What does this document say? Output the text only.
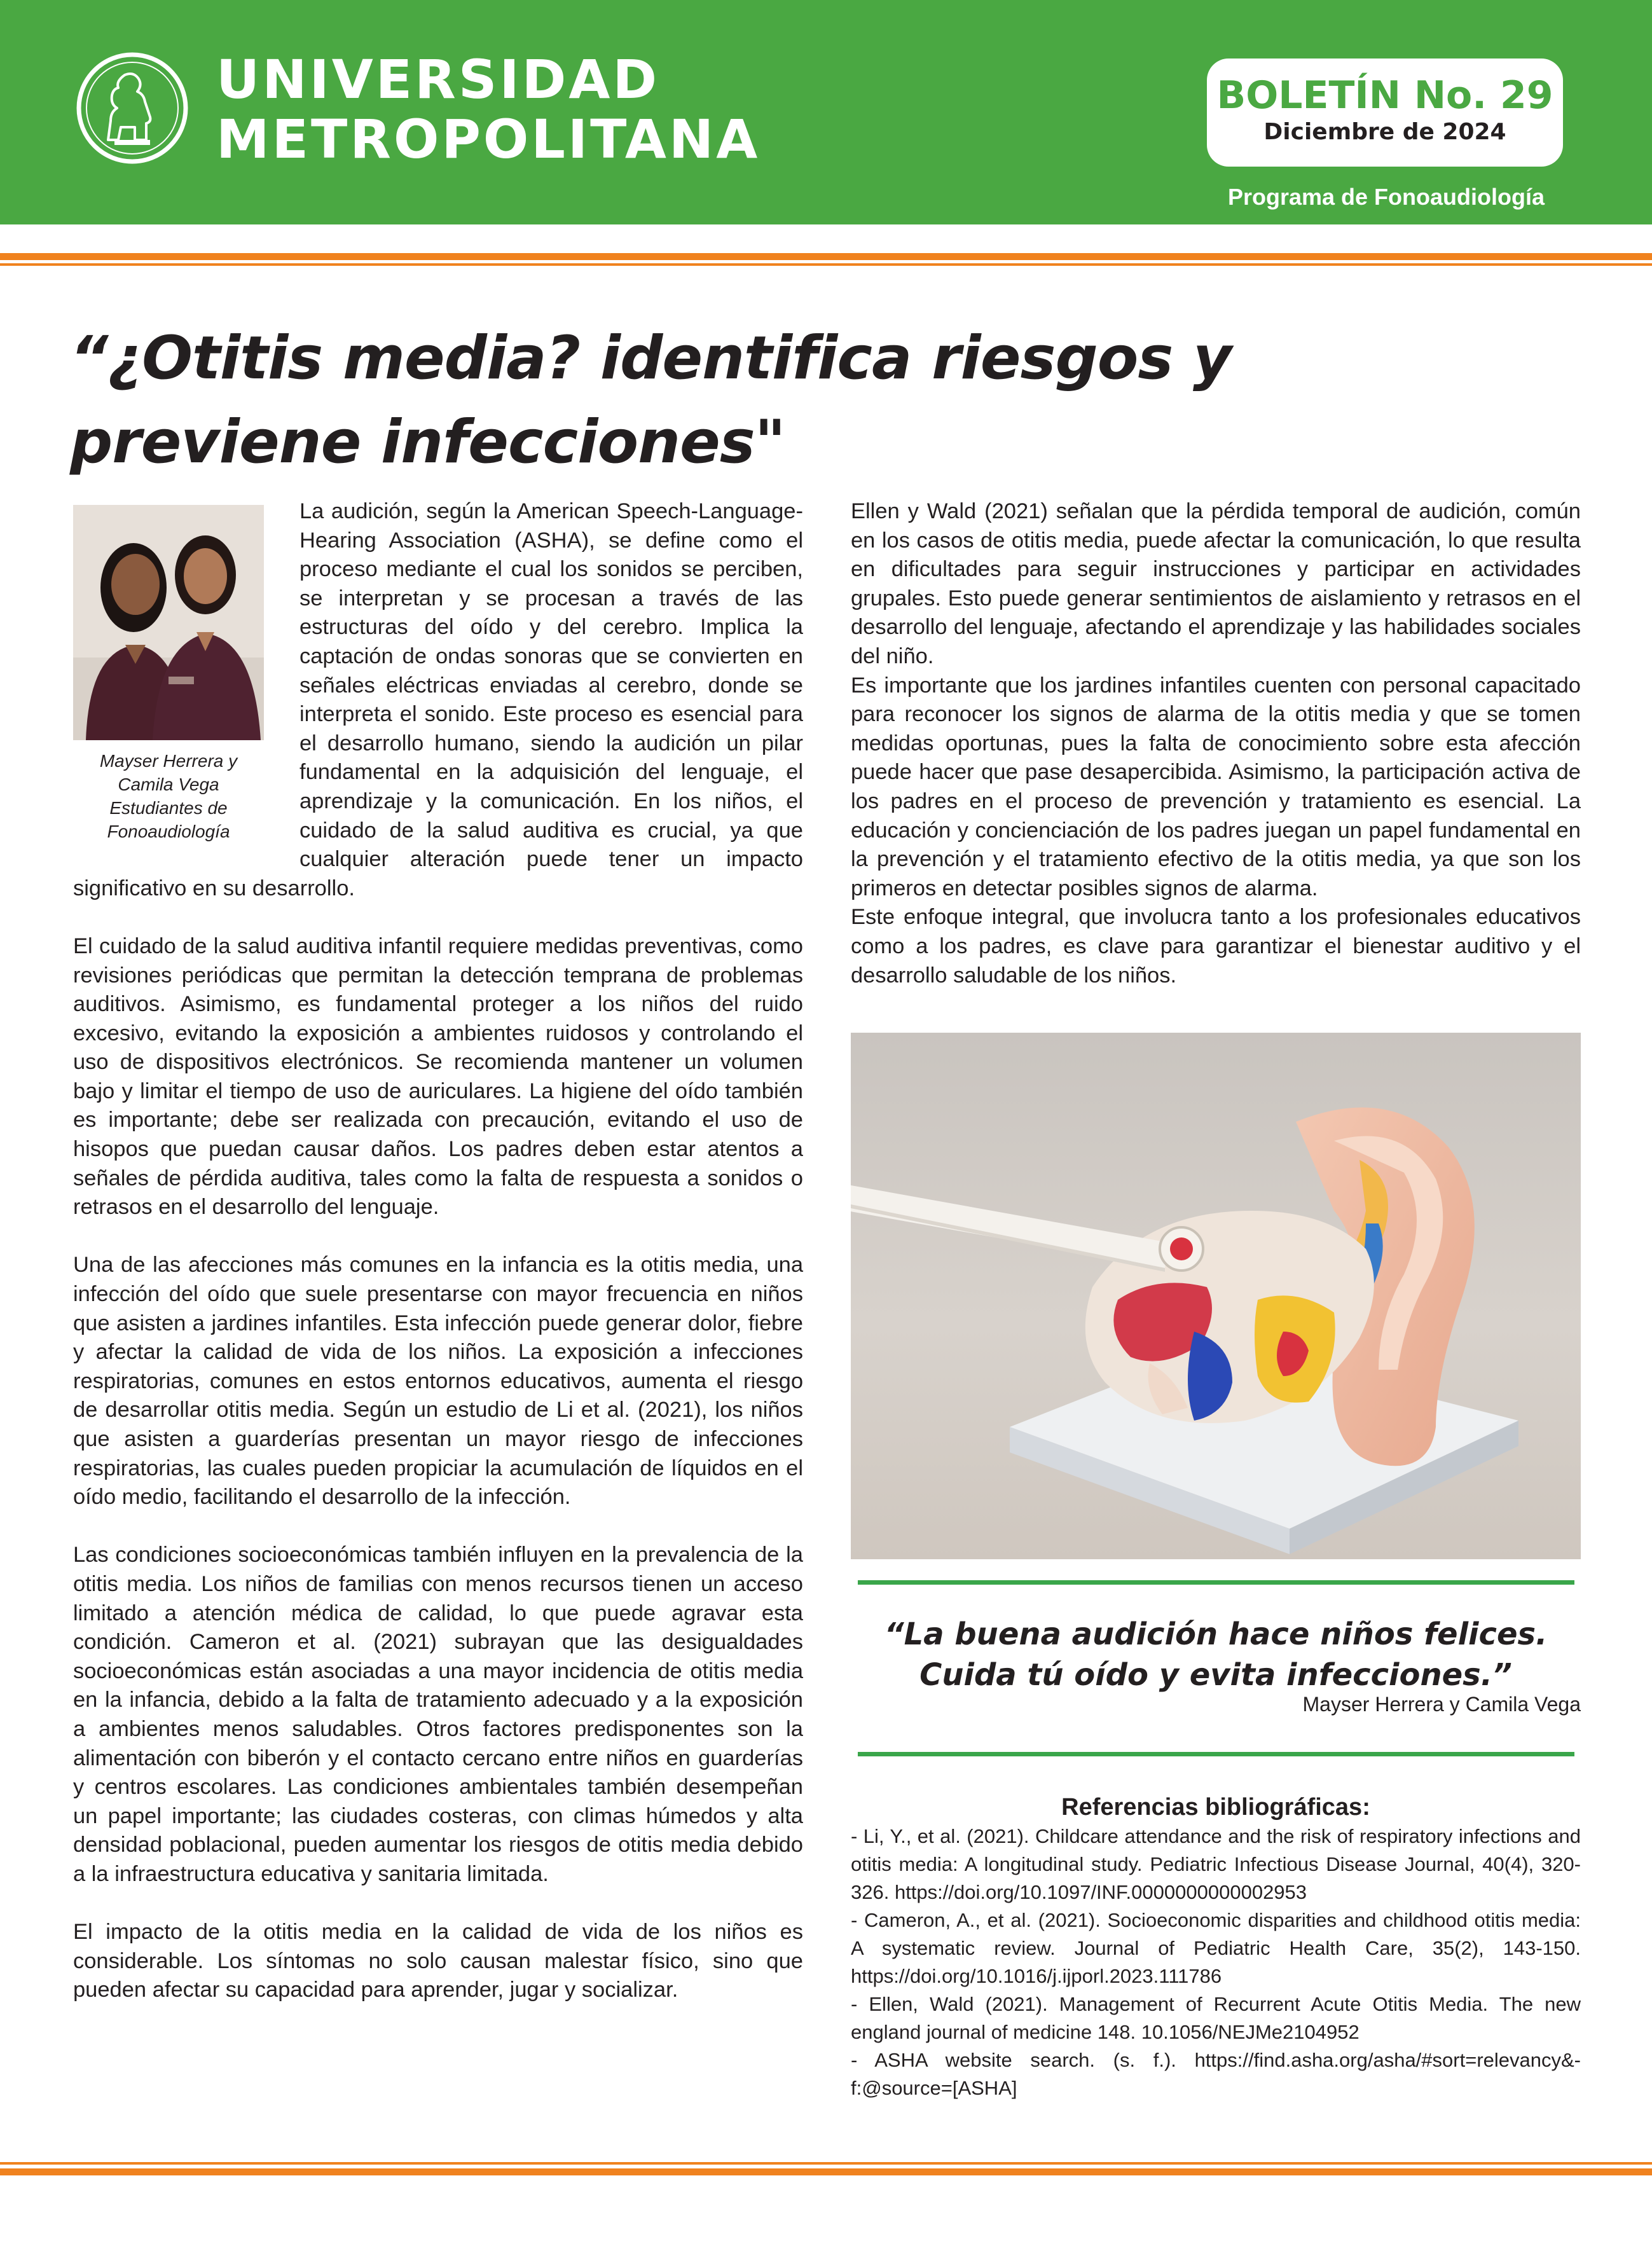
UNIVERSIDAD
METROPOLITANA
BOLETÍN No. 29
Diciembre de 2024
Programa de Fonoaudiología
“¿Otitis media? identifica riesgos y
previene infecciones"
Mayser Herrera y
Camila Vega
Estudiantes de
Fonoaudiología

La audición, según la American Speech-Language-Hearing Association (ASHA), se define como el proceso mediante el cual los sonidos se perciben, se interpretan y se procesan a través de las estructuras del oído y del cerebro. Implica la captación de ondas sonoras que se convierten en señales eléctricas enviadas al cerebro, donde se interpreta el sonido. Este proceso es esencial para el desarrollo humano, siendo la audición un pilar fundamental en la adquisición del lenguaje, el aprendizaje y la comunicación. En los niños, el cuidado de la salud auditiva es crucial, ya que cualquier alteración puede tener un impacto significativo en su desarrollo.

El cuidado de la salud auditiva infantil requiere medidas preventivas, como revisiones periódicas que permitan la detección temprana de problemas auditivos. Asimismo, es fundamental proteger a los niños del ruido excesivo, evitando la exposición a ambientes ruidosos y controlando el uso de dispositivos electrónicos. Se recomienda mantener un volumen bajo y limitar el tiempo de uso de auriculares. La higiene del oído también es importante; debe ser realizada con precaución, evitando el uso de hisopos que puedan causar daños. Los padres deben estar atentos a señales de pérdida auditiva, tales como la falta de respuesta a sonidos o retrasos en el desarrollo del lenguaje.

Una de las afecciones más comunes en la infancia es la otitis media, una infección del oído que suele presentarse con mayor frecuencia en niños que asisten a jardines infantiles. Esta infección puede generar dolor, fiebre y afectar la calidad de vida de los niños. La exposición a infecciones respiratorias, comunes en estos entornos educativos, aumenta el riesgo de desarrollar otitis media. Según un estudio de Li et al. (2021), los niños que asisten a guarderías presentan un mayor riesgo de infecciones respiratorias, las cuales pueden propiciar la acumulación de líquidos en el oído medio, facilitando el desarrollo de la infección.

Las condiciones socioeconómicas también influyen en la prevalencia de la otitis media. Los niños de familias con menos recursos tienen un acceso limitado a atención médica de calidad, lo que puede agravar esta condición. Cameron et al. (2021) subrayan que las desigualdades socioeconómicas están asociadas a una mayor incidencia de otitis media en la infancia, debido a la falta de tratamiento adecuado y a la exposición a ambientes menos saludables. Otros factores predisponentes son la alimentación con biberón y el contacto cercano entre niños en guarderías y centros escolares. Las condiciones ambientales también desempeñan un papel importante; las ciudades costeras, con climas húmedos y alta densidad poblacional, pueden aumentar los riesgos de otitis media debido a la infraestructura educativa y sanitaria limitada.

El impacto de la otitis media en la calidad de vida de los niños es considerable. Los síntomas no solo causan malestar físico, sino que pueden afectar su capacidad para aprender, jugar y socializar.

Ellen y Wald (2021) señalan que la pérdida temporal de audición, común en los casos de otitis media, puede afectar la comunicación, lo que resulta en dificultades para seguir instrucciones y participar en actividades grupales. Esto puede generar sentimientos de aislamiento y retrasos en el desarrollo del lenguaje, afectando el aprendizaje y las habilidades sociales del niño.

Es importante que los jardines infantiles cuenten con personal capacitado para reconocer los signos de alarma de la otitis media y que se tomen medidas oportunas, pues la falta de conocimiento sobre esta afección puede hacer que pase desapercibida. Asimismo, la participación activa de los padres en el proceso de prevención y tratamiento es esencial. La educación y concienciación de los padres juegan un papel fundamental en la prevención y el tratamiento efectivo de la otitis media, ya que son los primeros en detectar posibles signos de alarma.

Este enfoque integral, que involucra tanto a los profesionales educativos como a los padres, es clave para garantizar el bienestar auditivo y el desarrollo saludable de los niños.

“La buena audición hace niños felices.
Cuida tú oído y evita infecciones.”
Mayser Herrera y Camila Vega
Referencias bibliográficas:

- Li, Y., et al. (2021). Childcare attendance and the risk of respiratory infections and otitis media: A longitudinal study. Pediatric Infectious Disease Journal, 40(4), 320-326. https://doi.org/10.1097/INF.0000000000002953

- Cameron, A., et al. (2021). Socioeconomic disparities and childhood otitis media: A systematic review. Journal of Pediatric Health Care, 35(2), 143-150. https://doi.org/10.1016/j.ijporl.2023.111786

- Ellen, Wald (2021). Management of Recurrent Acute Otitis Media. The new england journal of medicine 148. 10.1056/NEJMe2104952

- ASHA website search. (s. f.). https://find.asha.org/asha/#sort=relevancy&-f:@source=[ASHA]
